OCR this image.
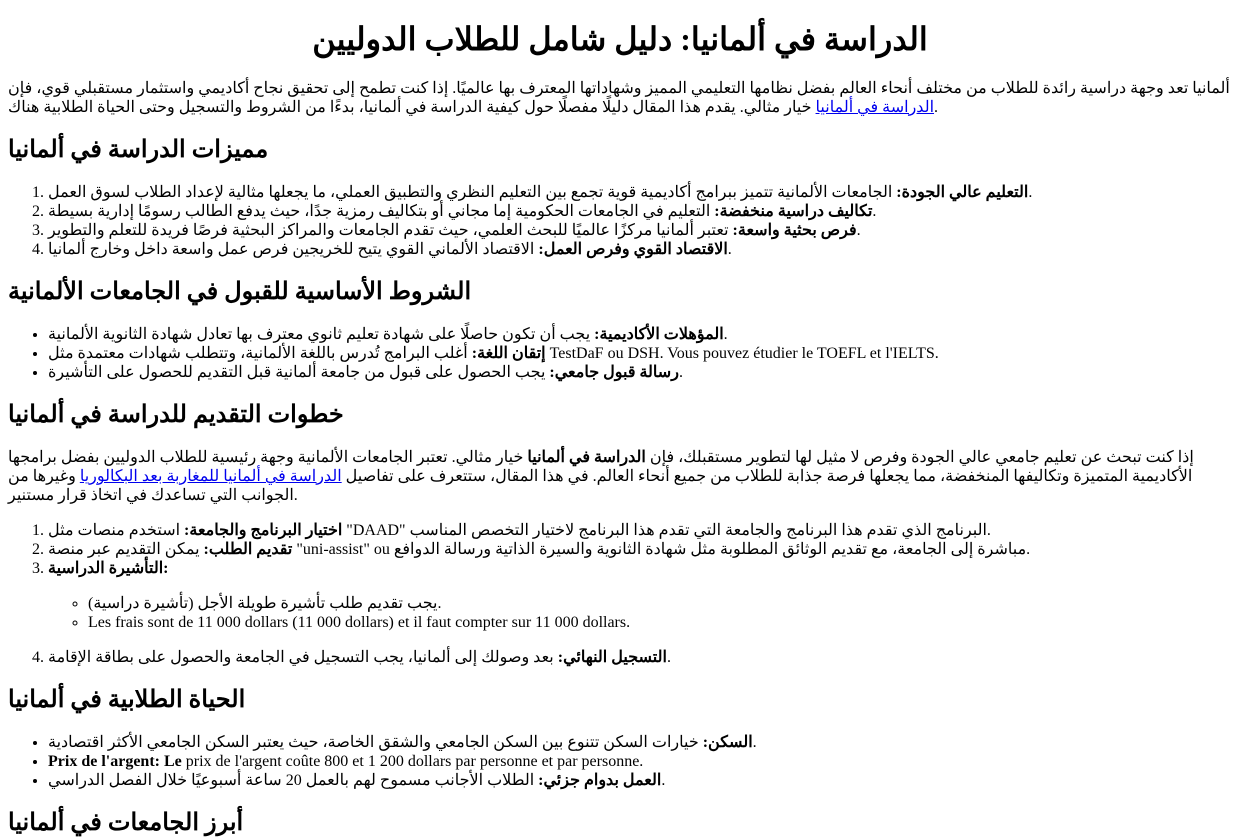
الدراسة في ألمانيا: دليل شامل للطلاب الدوليين

ألمانيا تعد وجهة دراسية رائدة للطلاب من مختلف أنحاء العالم بفضل نظامها التعليمي المميز وشهاداتها المعترف بها عالميًا. إذا كنت تطمح إلى تحقيق نجاح أكاديمي واستثمار مستقبلي قوي، فإن الدراسة في ألمانيا خيار مثالي. يقدم هذا المقال دليلًا مفصلًا حول كيفية الدراسة في ألمانيا، بدءًا من الشروط والتسجيل وحتى الحياة الطلابية هناك.

مميزات الدراسة في ألمانيا
1. التعليم عالي الجودة: الجامعات الألمانية تتميز ببرامج أكاديمية قوية تجمع بين التعليم النظري والتطبيق العملي، ما يجعلها مثالية لإعداد الطلاب لسوق العمل.
2. تكاليف دراسية منخفضة: التعليم في الجامعات الحكومية إما مجاني أو بتكاليف رمزية جدًا، حيث يدفع الطالب رسومًا إدارية بسيطة.
3. فرص بحثية واسعة: تعتبر ألمانيا مركزًا عالميًا للبحث العلمي، حيث تقدم الجامعات والمراكز البحثية فرصًا فريدة للتعلم والتطوير.
4. الاقتصاد القوي وفرص العمل: الاقتصاد الألماني القوي يتيح للخريجين فرص عمل واسعة داخل وخارج ألمانيا.
الشروط الأساسية للقبول في الجامعات الألمانية
• المؤهلات الأكاديمية: يجب أن تكون حاصلًا على شهادة تعليم ثانوي معترف بها تعادل شهادة الثانوية الألمانية.
• إتقان اللغة: أغلب البرامج تُدرس باللغة الألمانية، وتتطلب شهادات معتمدة مثل TestDaF ou DSH. Vous pouvez étudier le TOEFL et l'IELTS.
• رسالة قبول جامعي: يجب الحصول على قبول من جامعة ألمانية قبل التقديم للحصول على التأشيرة.
خطوات التقديم للدراسة في ألمانيا

إذا كنت تبحث عن تعليم جامعي عالي الجودة وفرص لا مثيل لها لتطوير مستقبلك، فإن الدراسة في ألمانيا خيار مثالي. تعتبر الجامعات الألمانية وجهة رئيسية للطلاب الدوليين بفضل برامجها الأكاديمية المتميزة وتكاليفها المنخفضة، مما يجعلها فرصة جذابة للطلاب من جميع أنحاء العالم. في هذا المقال، ستتعرف على تفاصيل الدراسة في ألمانيا للمغاربة بعد البكالوريا وغيرها من الجوانب التي تساعدك في اتخاذ قرار مستنير.

1. اختيار البرنامج والجامعة: استخدم منصات مثل "DAAD" البرنامج الذي تقدم هذا البرنامج والجامعة التي تقدم هذا البرنامج لاختيار التخصص المناسب.
2. تقديم الطلب: يمكن التقديم عبر منصة "uni-assist" ou مباشرة إلى الجامعة، مع تقديم الوثائق المطلوبة مثل شهادة الثانوية والسيرة الذاتية ورسالة الدوافع.
3. التأشيرة الدراسية:
◦ يجب تقديم طلب تأشيرة طويلة الأجل (تأشيرة دراسية).
◦ Les frais sont de 11 000 dollars (11 000 dollars) et il faut compter sur 11 000 dollars.
4. التسجيل النهائي: بعد وصولك إلى ألمانيا، يجب التسجيل في الجامعة والحصول على بطاقة الإقامة.
الحياة الطلابية في ألمانيا
• السكن: خيارات السكن تتنوع بين السكن الجامعي والشقق الخاصة، حيث يعتبر السكن الجامعي الأكثر اقتصادية.
• Prix de l'argent: Le prix de l'argent coûte 800 et 1 200 dollars par personne et par personne.
• العمل بدوام جزئي: الطلاب الأجانب مسموح لهم بالعمل 20 ساعة أسبوعيًا خلال الفصل الدراسي.
أبرز الجامعات في ألمانيا
